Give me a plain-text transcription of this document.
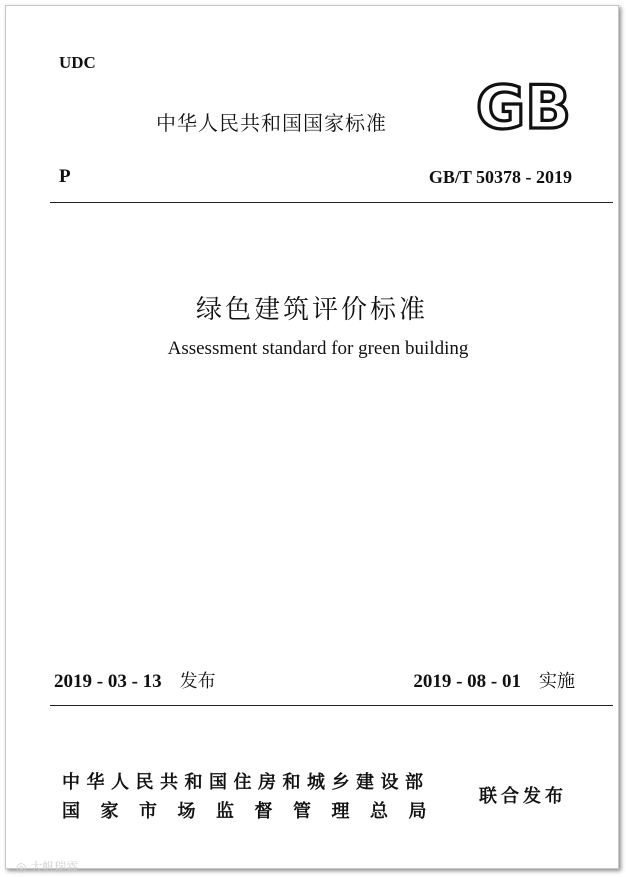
UDC
中华人民共和国国家标准 GB
P	GB/T 50378 - 2019
绿色建筑评价标准
Assessment standard for green building
2019 - 03 - 13 发布	2019 - 08 - 01 实施
中华人民共和国住房和城乡建设部
国家市场监督管理总局
联合发布
◎ 大帆瑞霖
